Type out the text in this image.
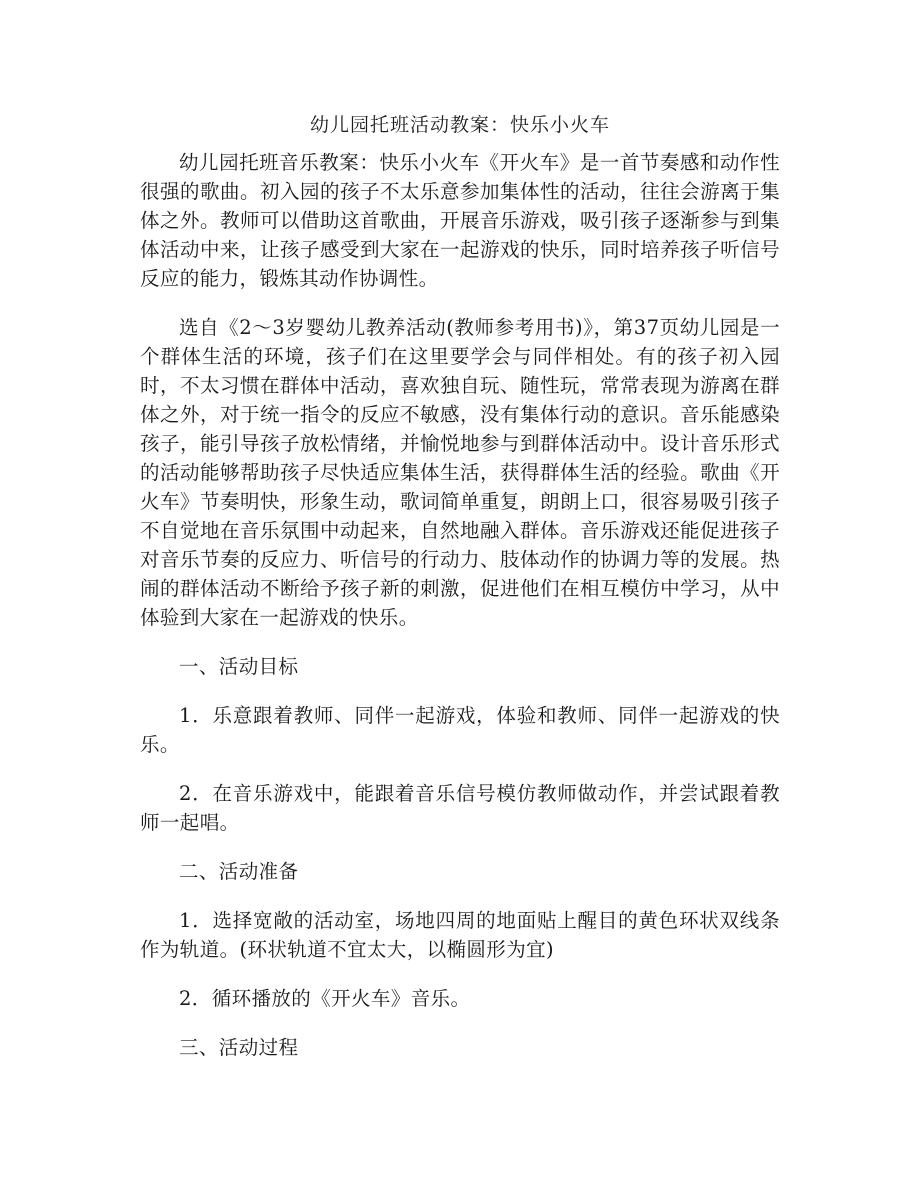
幼儿园托班活动教案：快乐小火车

幼儿园托班音乐教案：快乐小火车《开火车》是一首节奏感和动作性很强的歌曲。初入园的孩子不太乐意参加集体性的活动，往往会游离于集体之外。教师可以借助这首歌曲，开展音乐游戏，吸引孩子逐渐参与到集体活动中来，让孩子感受到大家在一起游戏的快乐，同时培养孩子听信号反应的能力，锻炼其动作协调性。

选自《2～3岁婴幼儿教养活动(教师参考用书)》，第37页幼儿园是一个群体生活的环境，孩子们在这里要学会与同伴相处。有的孩子初入园时，不太习惯在群体中活动，喜欢独自玩、随性玩，常常表现为游离在群体之外，对于统一指令的反应不敏感，没有集体行动的意识。音乐能感染孩子，能引导孩子放松情绪，并愉悦地参与到群体活动中。设计音乐形式的活动能够帮助孩子尽快适应集体生活，获得群体生活的经验。歌曲《开火车》节奏明快，形象生动，歌词简单重复，朗朗上口，很容易吸引孩子不自觉地在音乐氛围中动起来，自然地融入群体。音乐游戏还能促进孩子对音乐节奏的反应力、听信号的行动力、肢体动作的协调力等的发展。热闹的群体活动不断给予孩子新的刺激，促进他们在相互模仿中学习，从中体验到大家在一起游戏的快乐。

一、活动目标

1．乐意跟着教师、同伴一起游戏，体验和教师、同伴一起游戏的快乐。

2．在音乐游戏中，能跟着音乐信号模仿教师做动作，并尝试跟着教师一起唱。

二、活动准备

1．选择宽敞的活动室，场地四周的地面贴上醒目的黄色环状双线条作为轨道。(环状轨道不宜太大，以椭圆形为宜)

2．循环播放的《开火车》音乐。

三、活动过程
